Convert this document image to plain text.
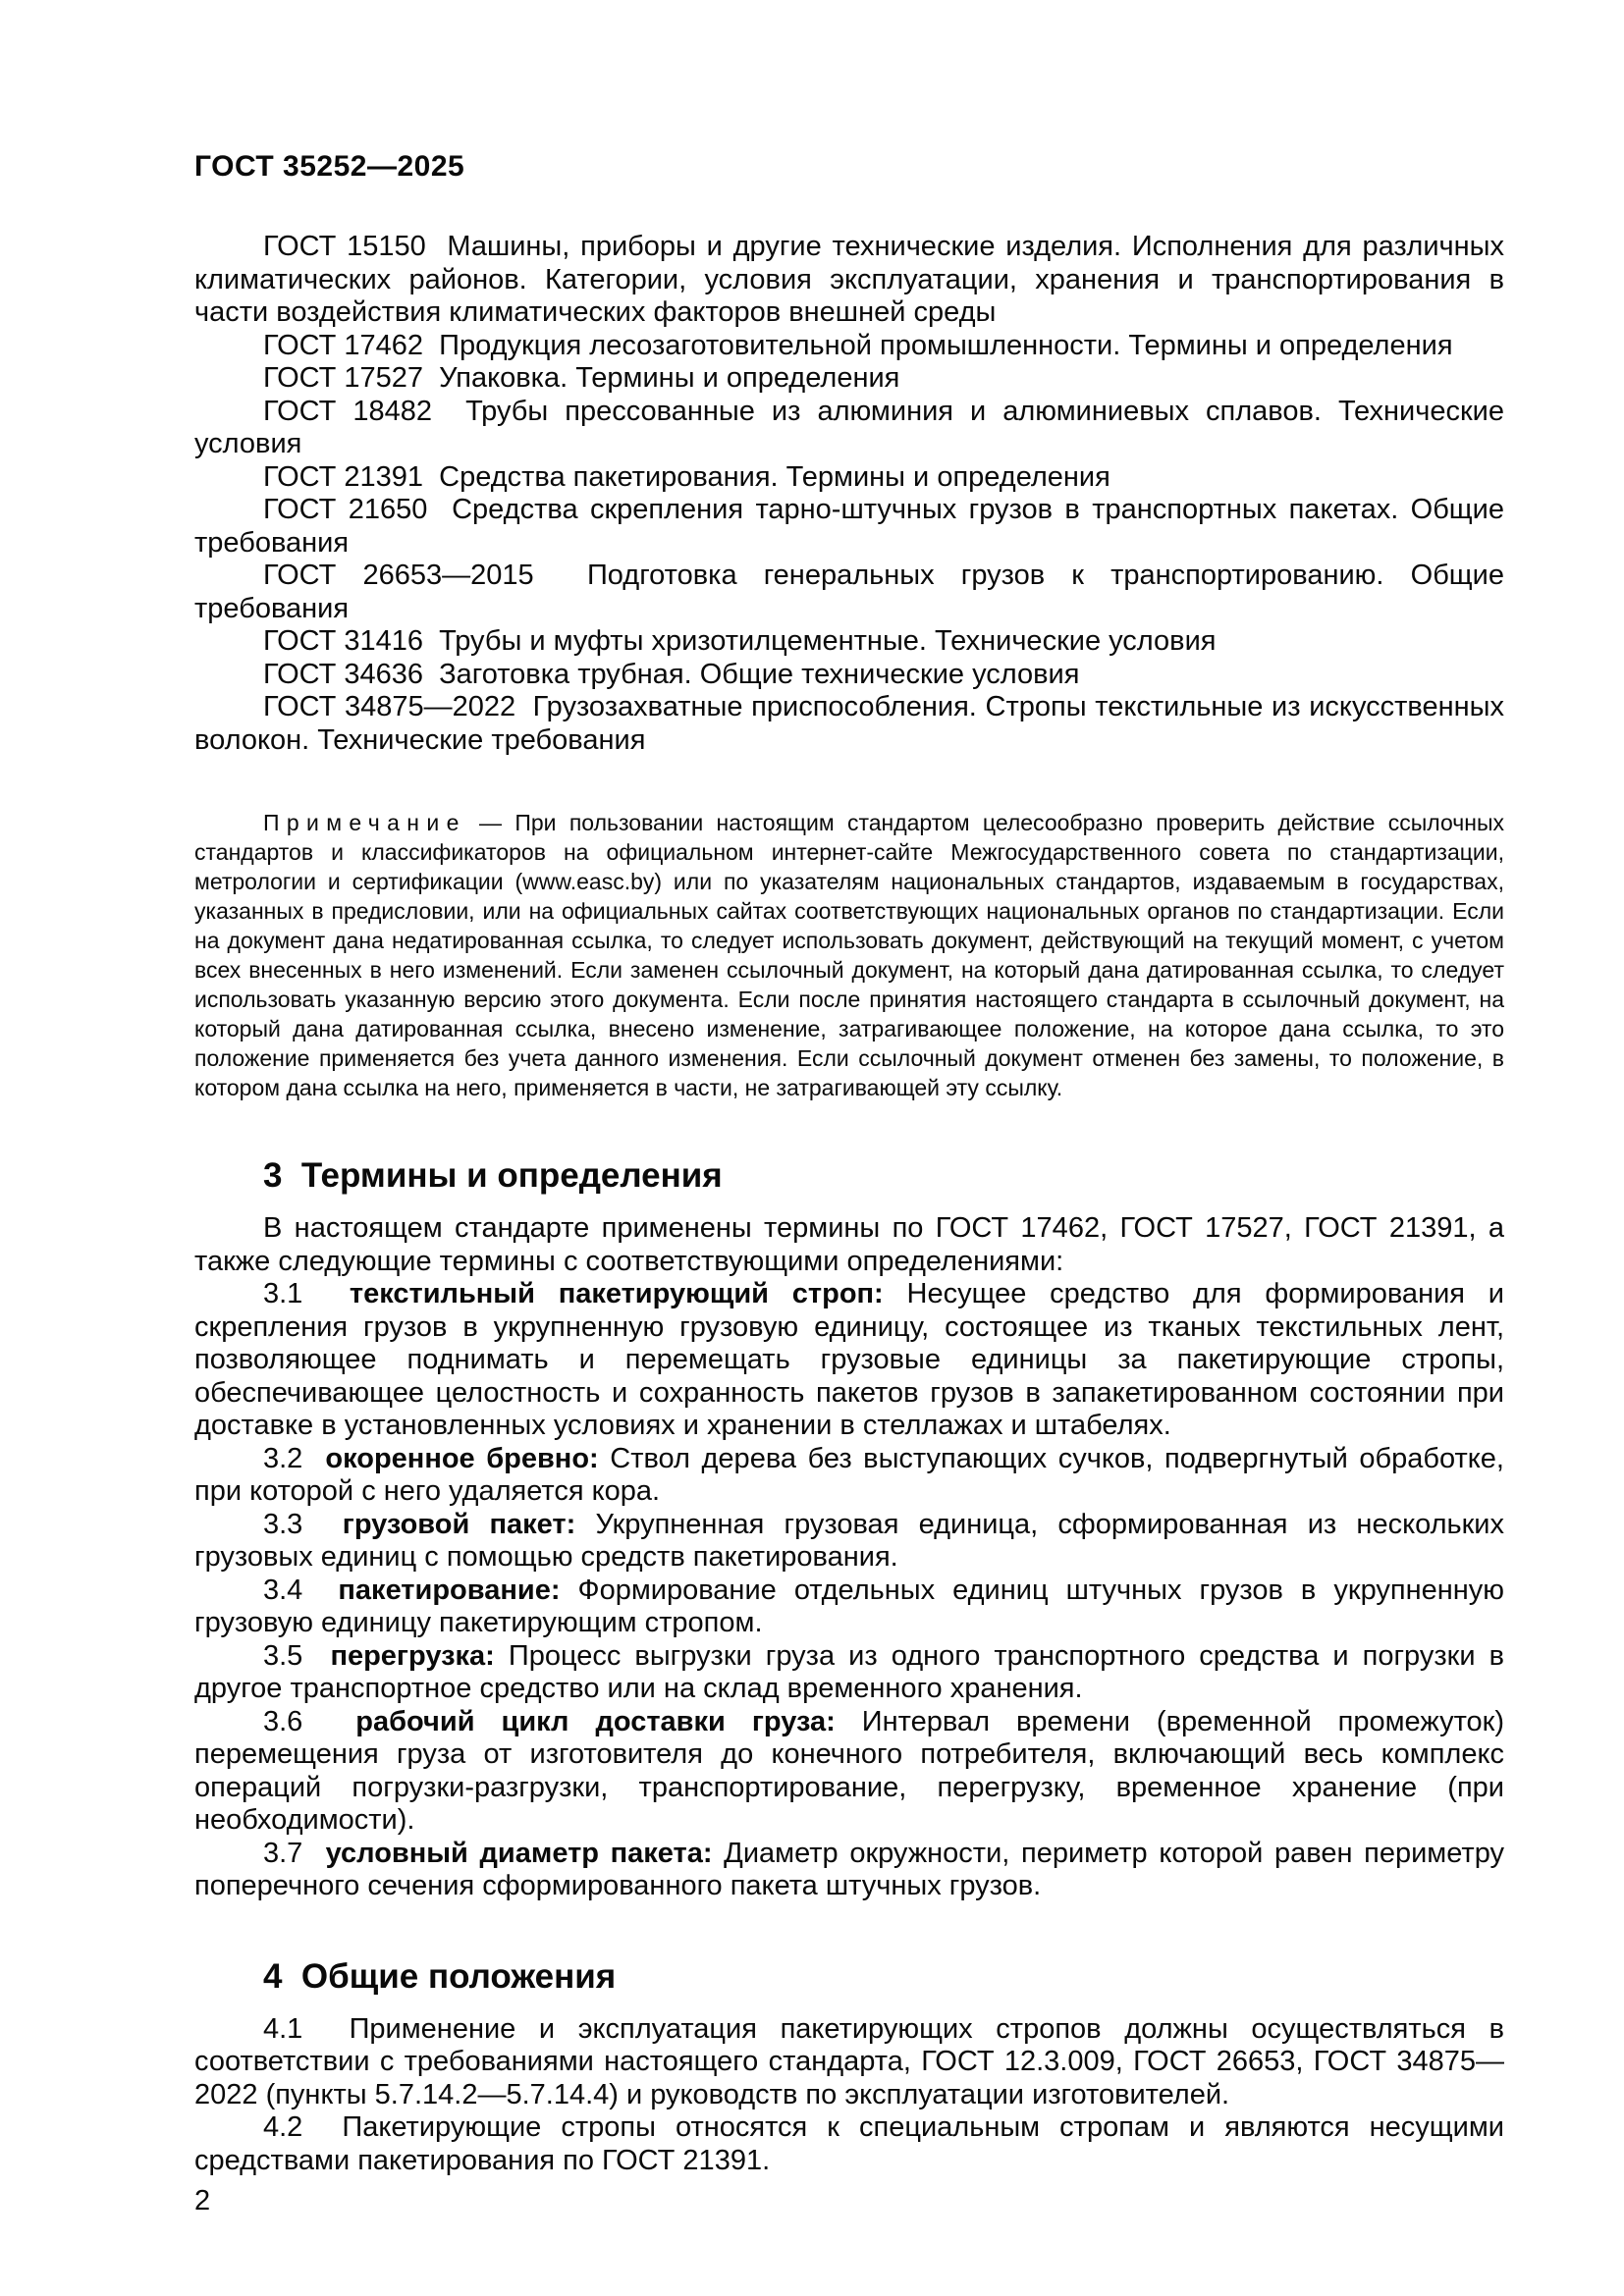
ГОСТ 35252—2025

ГОСТ 15150  Машины, приборы и другие технические изделия. Исполнения для различных климатических районов. Категории, условия эксплуатации, хранения и транспортирования в части воздействия климатических факторов внешней среды

ГОСТ 17462  Продукция лесозаготовительной промышленности. Термины и определения

ГОСТ 17527  Упаковка. Термины и определения

ГОСТ 18482  Трубы прессованные из алюминия и алюминиевых сплавов. Технические условия

ГОСТ 21391  Средства пакетирования. Термины и определения

ГОСТ 21650  Средства скрепления тарно-штучных грузов в транспортных пакетах. Общие требования

ГОСТ 26653—2015  Подготовка генеральных грузов к транспортированию. Общие требования

ГОСТ 31416  Трубы и муфты хризотилцементные. Технические условия

ГОСТ 34636  Заготовка трубная. Общие технические условия

ГОСТ 34875—2022  Грузозахватные приспособления. Стропы текстильные из искусственных волокон. Технические требования

Примечание — При пользовании настоящим стандартом целесообразно проверить действие ссылочных стандартов и классификаторов на официальном интернет-сайте Межгосударственного совета по стандартизации, метрологии и сертификации (www.easc.by) или по указателям национальных стандартов, издаваемым в государствах, указанных в предисловии, или на официальных сайтах соответствующих национальных органов по стандартизации. Если на документ дана недатированная ссылка, то следует использовать документ, действующий на текущий момент, с учетом всех внесенных в него изменений. Если заменен ссылочный документ, на который дана датированная ссылка, то следует использовать указанную версию этого документа. Если после принятия настоящего стандарта в ссылочный документ, на который дана датированная ссылка, внесено изменение, затрагивающее положение, на которое дана ссылка, то это положение применяется без учета данного изменения. Если ссылочный документ отменен без замены, то положение, в котором дана ссылка на него, применяется в части, не затрагивающей эту ссылку.

3  Термины и определения

В настоящем стандарте применены термины по ГОСТ 17462, ГОСТ 17527, ГОСТ 21391, а также следующие термины с соответствующими определениями:

3.1  текстильный пакетирующий строп: Несущее средство для формирования и скрепления грузов в укрупненную грузовую единицу, состоящее из тканых текстильных лент, позволяющее поднимать и перемещать грузовые единицы за пакетирующие стропы, обеспечивающее целостность и сохранность пакетов грузов в запакетированном состоянии при доставке в установленных условиях и хранении в стеллажах и штабелях.

3.2  окоренное бревно: Ствол дерева без выступающих сучков, подвергнутый обработке, при которой с него удаляется кора.

3.3  грузовой пакет: Укрупненная грузовая единица, сформированная из нескольких грузовых единиц с помощью средств пакетирования.

3.4  пакетирование: Формирование отдельных единиц штучных грузов в укрупненную грузовую единицу пакетирующим стропом.

3.5  перегрузка: Процесс выгрузки груза из одного транспортного средства и погрузки в другое транспортное средство или на склад временного хранения.

3.6  рабочий цикл доставки груза: Интервал времени (временной промежуток) перемещения груза от изготовителя до конечного потребителя, включающий весь комплекс операций погрузки-разгрузки, транспортирование, перегрузку, временное хранение (при необходимости).

3.7  условный диаметр пакета: Диаметр окружности, периметр которой равен периметру поперечного сечения сформированного пакета штучных грузов.

4  Общие положения

4.1  Применение и эксплуатация пакетирующих стропов должны осуществляться в соответствии с требованиями настоящего стандарта, ГОСТ 12.3.009, ГОСТ 26653, ГОСТ 34875—2022 (пункты 5.7.14.2—5.7.14.4) и руководств по эксплуатации изготовителей.

4.2  Пакетирующие стропы относятся к специальным стропам и являются несущими средствами пакетирования по ГОСТ 21391.

2
